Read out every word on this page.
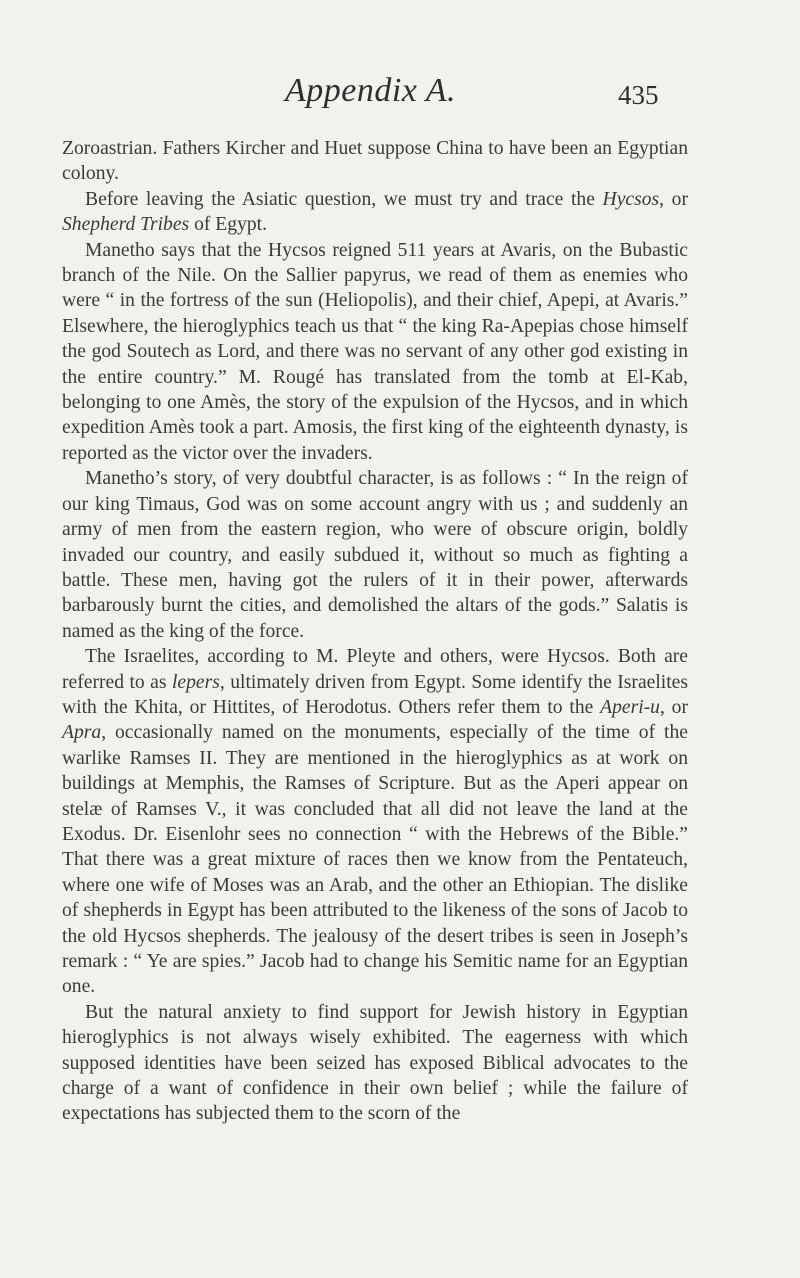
Appendix A.	435

Zoroastrian. Fathers Kircher and Huet suppose China to have been an Egyptian colony.

Before leaving the Asiatic question, we must try and trace the Hycsos, or Shepherd Tribes of Egypt.

Manetho says that the Hycsos reigned 511 years at Avaris, on the Bubastic branch of the Nile. On the Sallier papyrus, we read of them as enemies who were “ in the fortress of the sun (Heliopolis), and their chief, Apepi, at Avaris.” Elsewhere, the hieroglyphics teach us that “ the king Ra-Apepias chose himself the god Soutech as Lord, and there was no servant of any other god existing in the entire country.” M. Rougé has translated from the tomb at El-Kab, belonging to one Amès, the story of the expulsion of the Hycsos, and in which expedition Amès took a part. Amosis, the first king of the eighteenth dynasty, is reported as the victor over the invaders.

Manetho’s story, of very doubtful character, is as follows : “ In the reign of our king Timaus, God was on some account angry with us ; and suddenly an army of men from the eastern region, who were of obscure origin, boldly invaded our country, and easily subdued it, without so much as fighting a battle. These men, having got the rulers of it in their power, afterwards barbarously burnt the cities, and demolished the altars of the gods.” Salatis is named as the king of the force.

The Israelites, according to M. Pleyte and others, were Hycsos. Both are referred to as lepers, ultimately driven from Egypt. Some identify the Israelites with the Khita, or Hittites, of Herodotus. Others refer them to the Aperi-u, or Apra, occasionally named on the monuments, especially of the time of the warlike Ramses II. They are mentioned in the hieroglyphics as at work on buildings at Memphis, the Ramses of Scripture. But as the Aperi appear on stelæ of Ramses V., it was concluded that all did not leave the land at the Exodus. Dr. Eisenlohr sees no connection “ with the Hebrews of the Bible.” That there was a great mixture of races then we know from the Pentateuch, where one wife of Moses was an Arab, and the other an Ethiopian. The dislike of shepherds in Egypt has been attributed to the likeness of the sons of Jacob to the old Hycsos shepherds. The jealousy of the desert tribes is seen in Joseph’s remark : “ Ye are spies.” Jacob had to change his Semitic name for an Egyptian one.

But the natural anxiety to find support for Jewish history in Egyptian hieroglyphics is not always wisely exhibited. The eagerness with which supposed identities have been seized has exposed Biblical advocates to the charge of a want of confidence in their own belief ; while the failure of expectations has subjected them to the scorn of the
